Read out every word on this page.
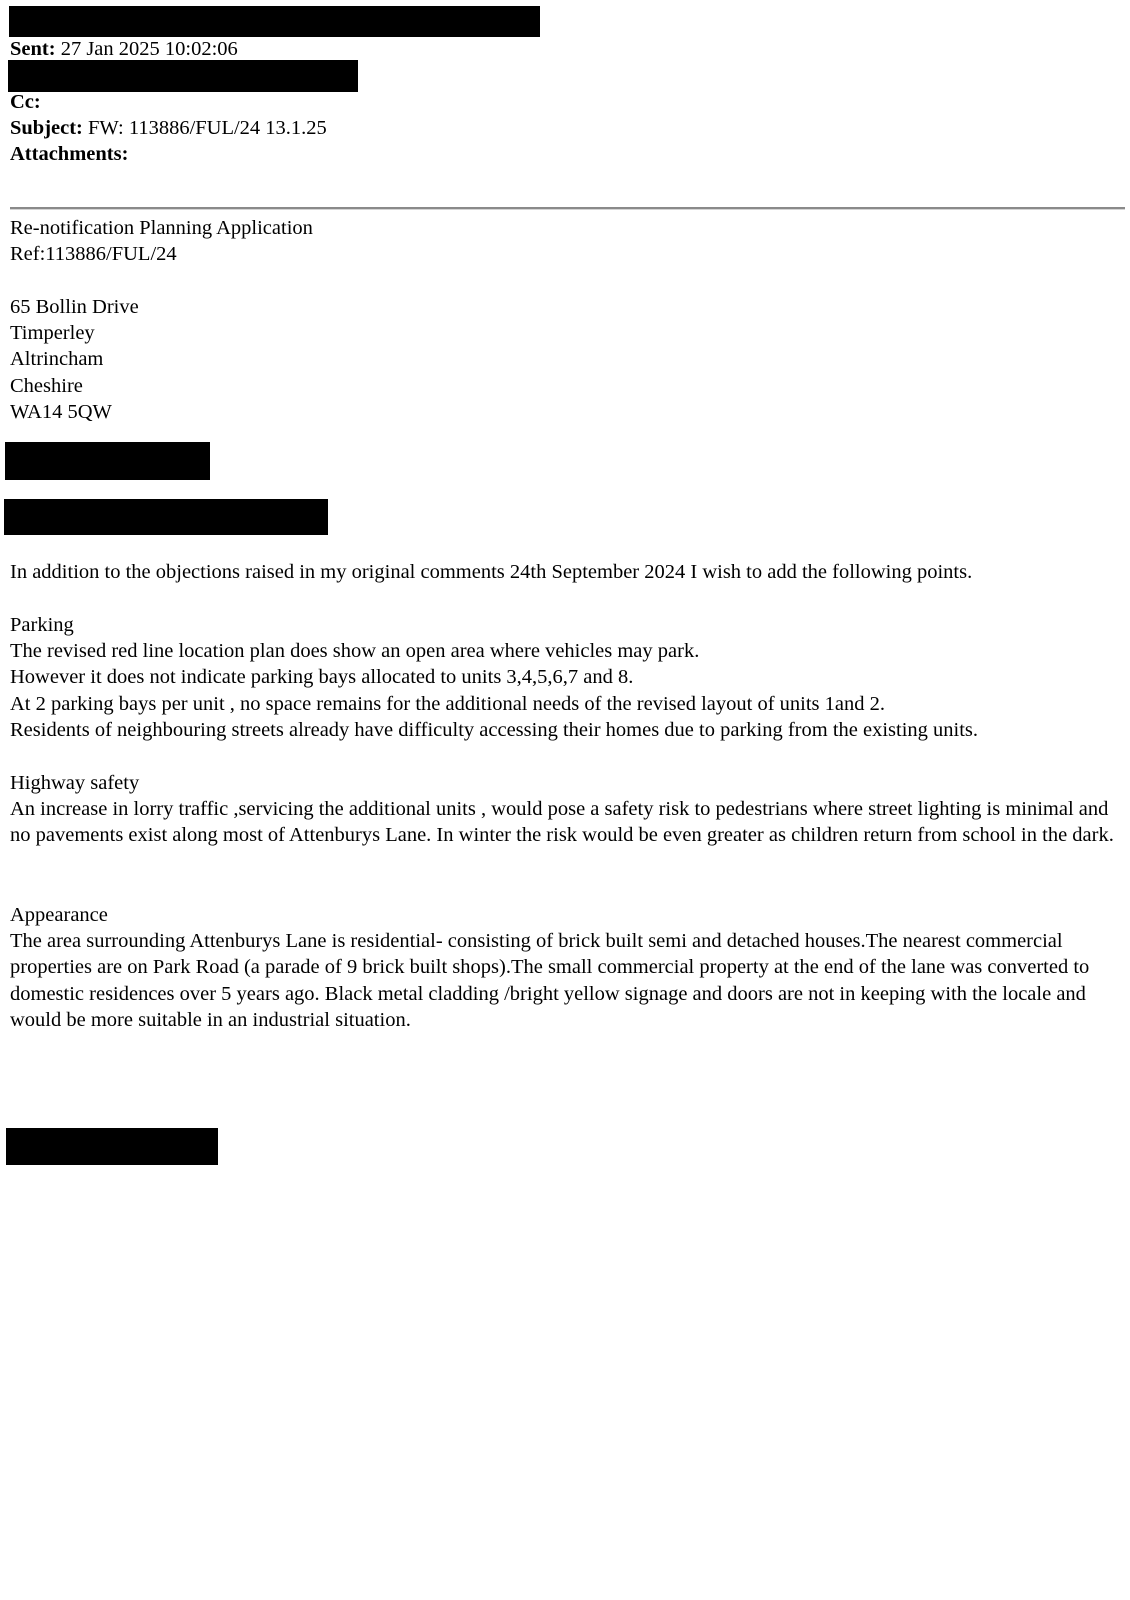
Sent: 27 Jan 2025 10:02:06
Cc:
Subject: FW: 113886/FUL/24 13.1.25
Attachments:
Re-notification Planning Application
Ref:113886/FUL/24
65 Bollin Drive
Timperley
Altrincham
Cheshire
WA14 5QW
In addition to the objections raised in my original comments 24th September 2024 I wish to add the following points.
Parking
The revised red line location plan does show an open area where vehicles may park.
However it does not indicate parking bays allocated to units 3,4,5,6,7 and 8.
At 2 parking bays per unit , no space remains for the additional needs of the revised layout of units 1and 2.
Residents of neighbouring streets already have difficulty accessing their homes due to parking from the existing units.
Highway safety
An increase in lorry traffic ,servicing the additional units , would pose a safety risk to pedestrians where street lighting is minimal and no pavements exist along most of Attenburys Lane. In winter the risk would be even greater as children return from school in the dark.
Appearance
The area surrounding Attenburys Lane is residential- consisting of brick built semi and detached houses.The nearest commercial properties are on Park Road (a parade of 9 brick built shops).The small commercial property at the end of the lane was converted to domestic residences over 5 years ago. Black metal cladding /bright yellow signage and doors are not in keeping with the locale and would be more suitable in an industrial situation.
